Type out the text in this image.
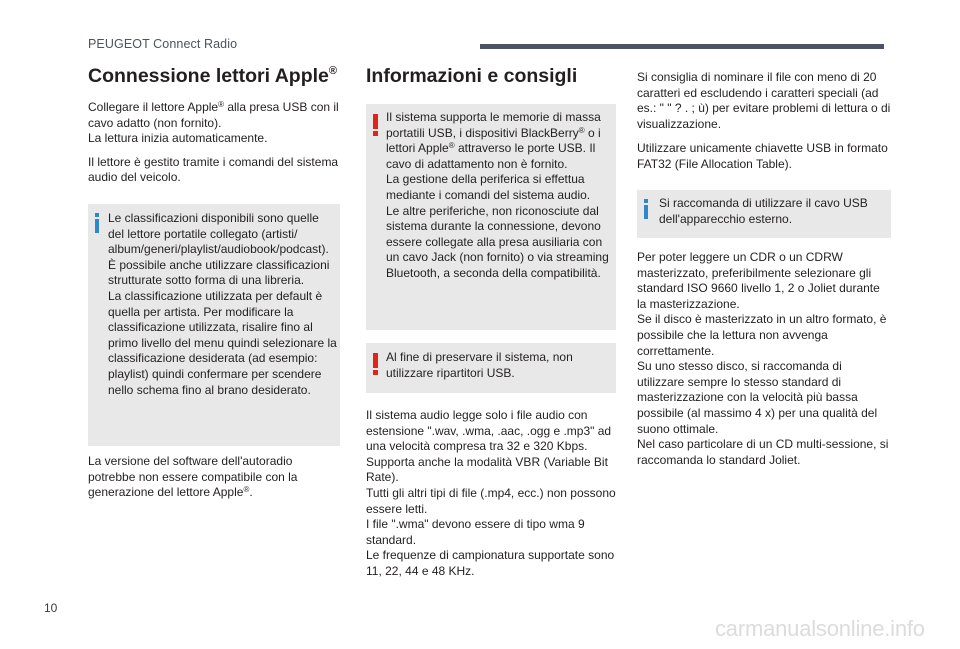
PEUGEOT Connect Radio
Connessione lettori Apple®

Collegare il lettore Apple® alla presa USB con il cavo adatto (non fornito).
La lettura inizia automaticamente.

Il lettore è gestito tramite i comandi del sistema audio del veicolo.

Le classificazioni disponibili sono quelle del lettore portatile collegato (artisti/ album/generi/playlist/audiobook/podcast). È possibile anche utilizzare classificazioni strutturate sotto forma di una libreria.
La classificazione utilizzata per default è quella per artista. Per modificare la classificazione utilizzata, risalire fino al primo livello del menu quindi selezionare la classificazione desiderata (ad esempio: playlist) quindi confermare per scendere nello schema fino al brano desiderato.

La versione del software dell'autoradio potrebbe non essere compatibile con la generazione del lettore Apple®.

Informazioni e consigli

Il sistema supporta le memorie di massa portatili USB, i dispositivi BlackBerry® o i lettori Apple® attraverso le porte USB. Il cavo di adattamento non è fornito.
La gestione della periferica si effettua mediante i comandi del sistema audio.
Le altre periferiche, non riconosciute dal sistema durante la connessione, devono essere collegate alla presa ausiliaria con un cavo Jack (non fornito) o via streaming Bluetooth, a seconda della compatibilità.

Al fine di preservare il sistema, non utilizzare ripartitori USB.

Il sistema audio legge solo i file audio con estensione ".wav, .wma, .aac, .ogg e .mp3" ad una velocità compresa tra 32 e 320 Kbps.
Supporta anche la modalità VBR (Variable Bit Rate).
Tutti gli altri tipi di file (.mp4, ecc.) non possono essere letti.
I file ".wma" devono essere di tipo wma 9 standard.
Le frequenze di campionatura supportate sono 11, 22, 44 e 48 KHz.

Si consiglia di nominare il file con meno di 20 caratteri ed escludendo i caratteri speciali (ad es.: " " ? . ; ù) per evitare problemi di lettura o di visualizzazione.

Utilizzare unicamente chiavette USB in formato FAT32 (File Allocation Table).

Si raccomanda di utilizzare il cavo USB dell'apparecchio esterno.

Per poter leggere un CDR o un CDRW masterizzato, preferibilmente selezionare gli standard ISO 9660 livello 1, 2 o Joliet durante la masterizzazione.
Se il disco è masterizzato in un altro formato, è possibile che la lettura non avvenga correttamente.
Su uno stesso disco, si raccomanda di utilizzare sempre lo stesso standard di masterizzazione con la velocità più bassa possibile (al massimo 4 x) per una qualità del suono ottimale.
Nel caso particolare di un CD multi-sessione, si raccomanda lo standard Joliet.

10
carmanualsonline.info
